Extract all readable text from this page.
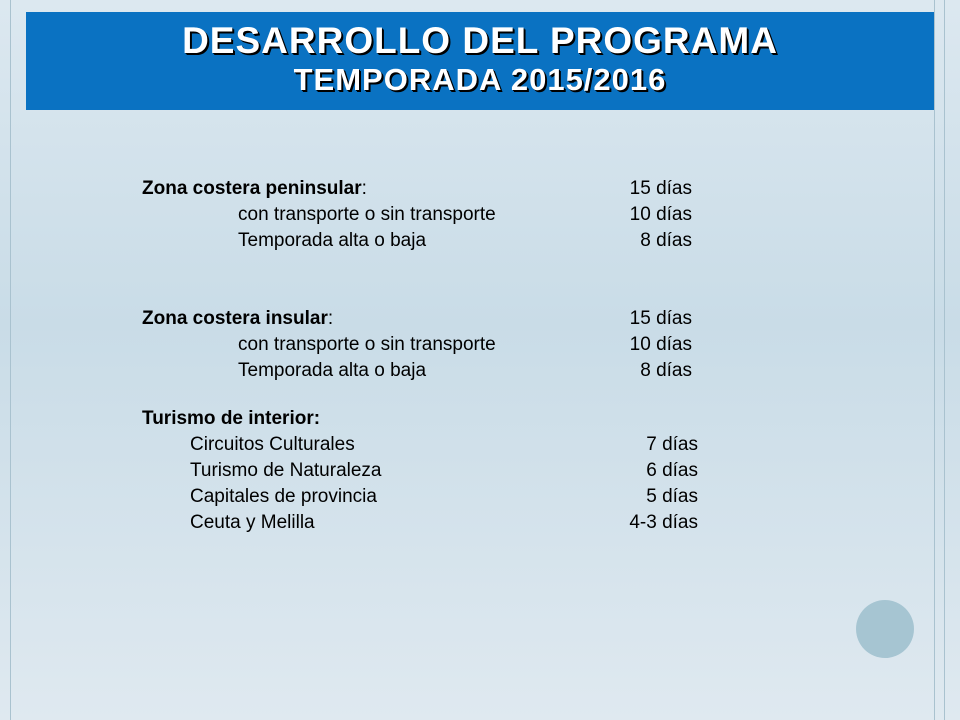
DESARROLLO DEL PROGRAMA
TEMPORADA 2015/2016
Zona costera peninsular:	15 días
con transporte o sin transporte	10 días
Temporada alta o baja	8 días
Zona costera insular:	15 días
con transporte o sin transporte	10 días
Temporada alta o baja	8 días
Turismo de interior:
Circuitos Culturales	7 días
Turismo de Naturaleza	6 días
Capitales de provincia	5 días
Ceuta y Melilla	4-3 días
